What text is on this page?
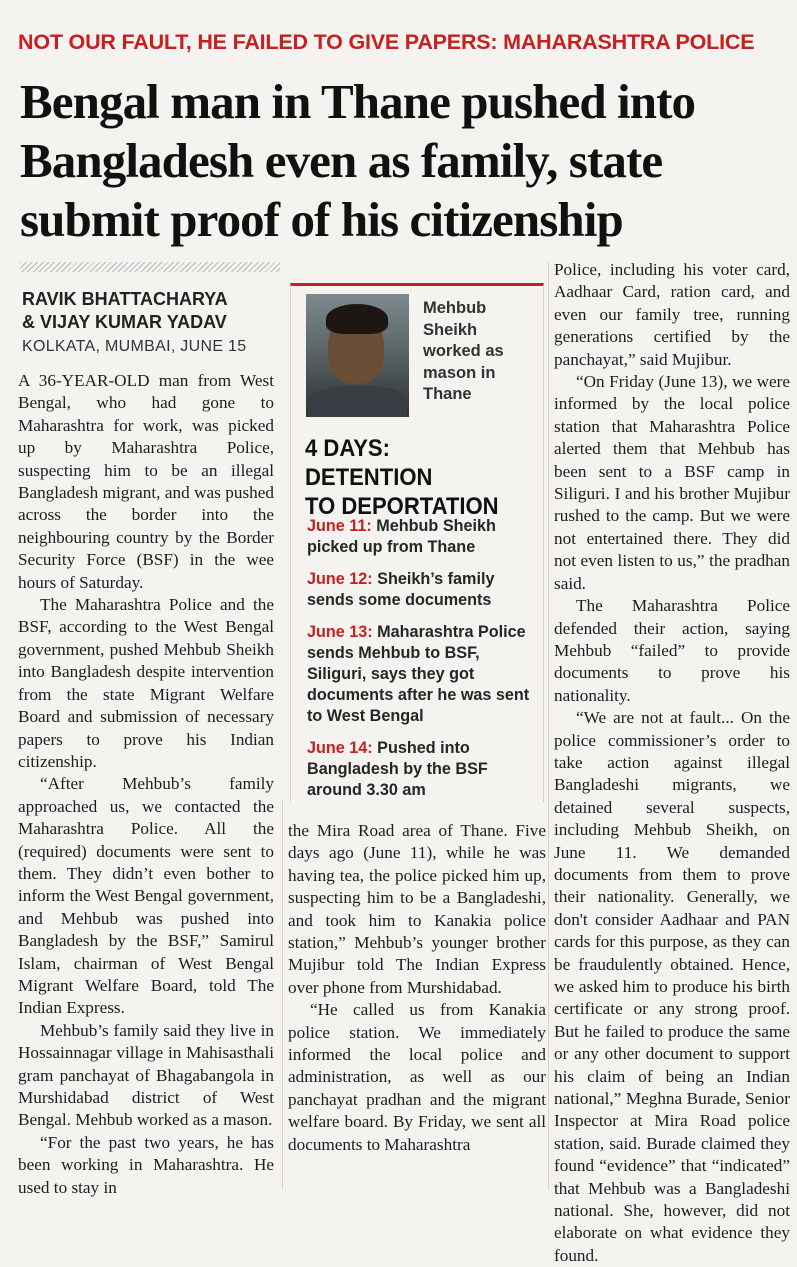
NOT OUR FAULT, HE FAILED TO GIVE PAPERS: MAHARASHTRA POLICE
Bengal man in Thane pushed into Bangladesh even as family, state submit proof of his citizenship
RAVIK BHATTACHARYA
& VIJAY KUMAR YADAV
KOLKATA, MUMBAI, JUNE 15

A 36-YEAR-OLD man from West Bengal, who had gone to Maharashtra for work, was picked up by Maharashtra Police, suspecting him to be an illegal Bangladesh migrant, and was pushed across the border into the neighbouring country by the Border Security Force (BSF) in the wee hours of Saturday.

The Maharashtra Police and the BSF, according to the West Bengal government, pushed Mehbub Sheikh into Bangladesh despite intervention from the state Migrant Welfare Board and submission of necessary papers to prove his Indian citizenship.

“After Mehbub’s family approached us, we contacted the Maharashtra Police. All the (required) documents were sent to them. They didn’t even bother to inform the West Bengal government, and Mehbub was pushed into Bangladesh by the BSF,” Samirul Islam, chairman of West Bengal Migrant Welfare Board, told The Indian Express.

Mehbub’s family said they live in Hossainnagar village in Mahisasthali gram panchayat of Bhagabangola in Murshidabad district of West Bengal. Mehbub worked as a mason.

“For the past two years, he has been working in Maharashtra. He used to stay in

Mehbub Sheikh worked as mason in Thane
4 DAYS: DETENTION
TO DEPORTATION
June 11: Mehbub Sheikh picked up from Thane
June 12: Sheikh’s family sends some documents
June 13: Maharashtra Police sends Mehbub to BSF, Siliguri, says they got documents after he was sent to West Bengal
June 14: Pushed into Bangladesh by the BSF around 3.30 am

the Mira Road area of Thane. Five days ago (June 11), while he was having tea, the police picked him up, suspecting him to be a Bangladeshi, and took him to Kanakia police station,” Mehbub’s younger brother Mujibur told The Indian Express over phone from Murshidabad.

“He called us from Kanakia police station. We immediately informed the local police and administration, as well as our panchayat pradhan and the migrant welfare board. By Friday, we sent all documents to Maharashtra

Police, including his voter card, Aadhaar Card, ration card, and even our family tree, running generations certified by the panchayat,” said Mujibur.

“On Friday (June 13), we were informed by the local police station that Maharashtra Police alerted them that Mehbub has been sent to a BSF camp in Siliguri. I and his brother Mujibur rushed to the camp. But we were not entertained there. They did not even listen to us,” the pradhan said.

The Maharashtra Police defended their action, saying Mehbub “failed” to provide documents to prove his nationality.

“We are not at fault... On the police commissioner’s order to take action against illegal Bangladeshi migrants, we detained several suspects, including Mehbub Sheikh, on June 11. We demanded documents from them to prove their nationality. Generally, we don't consider Aadhaar and PAN cards for this purpose, as they can be fraudulently obtained. Hence, we asked him to produce his birth certificate or any strong proof. But he failed to produce the same or any other document to support his claim of being an Indian national,” Meghna Burade, Senior Inspector at Mira Road police station, said. Burade claimed they found “evidence” that “indicated” that Mehbub was a Bangladeshi national. She, however, did not elaborate on what evidence they found.
